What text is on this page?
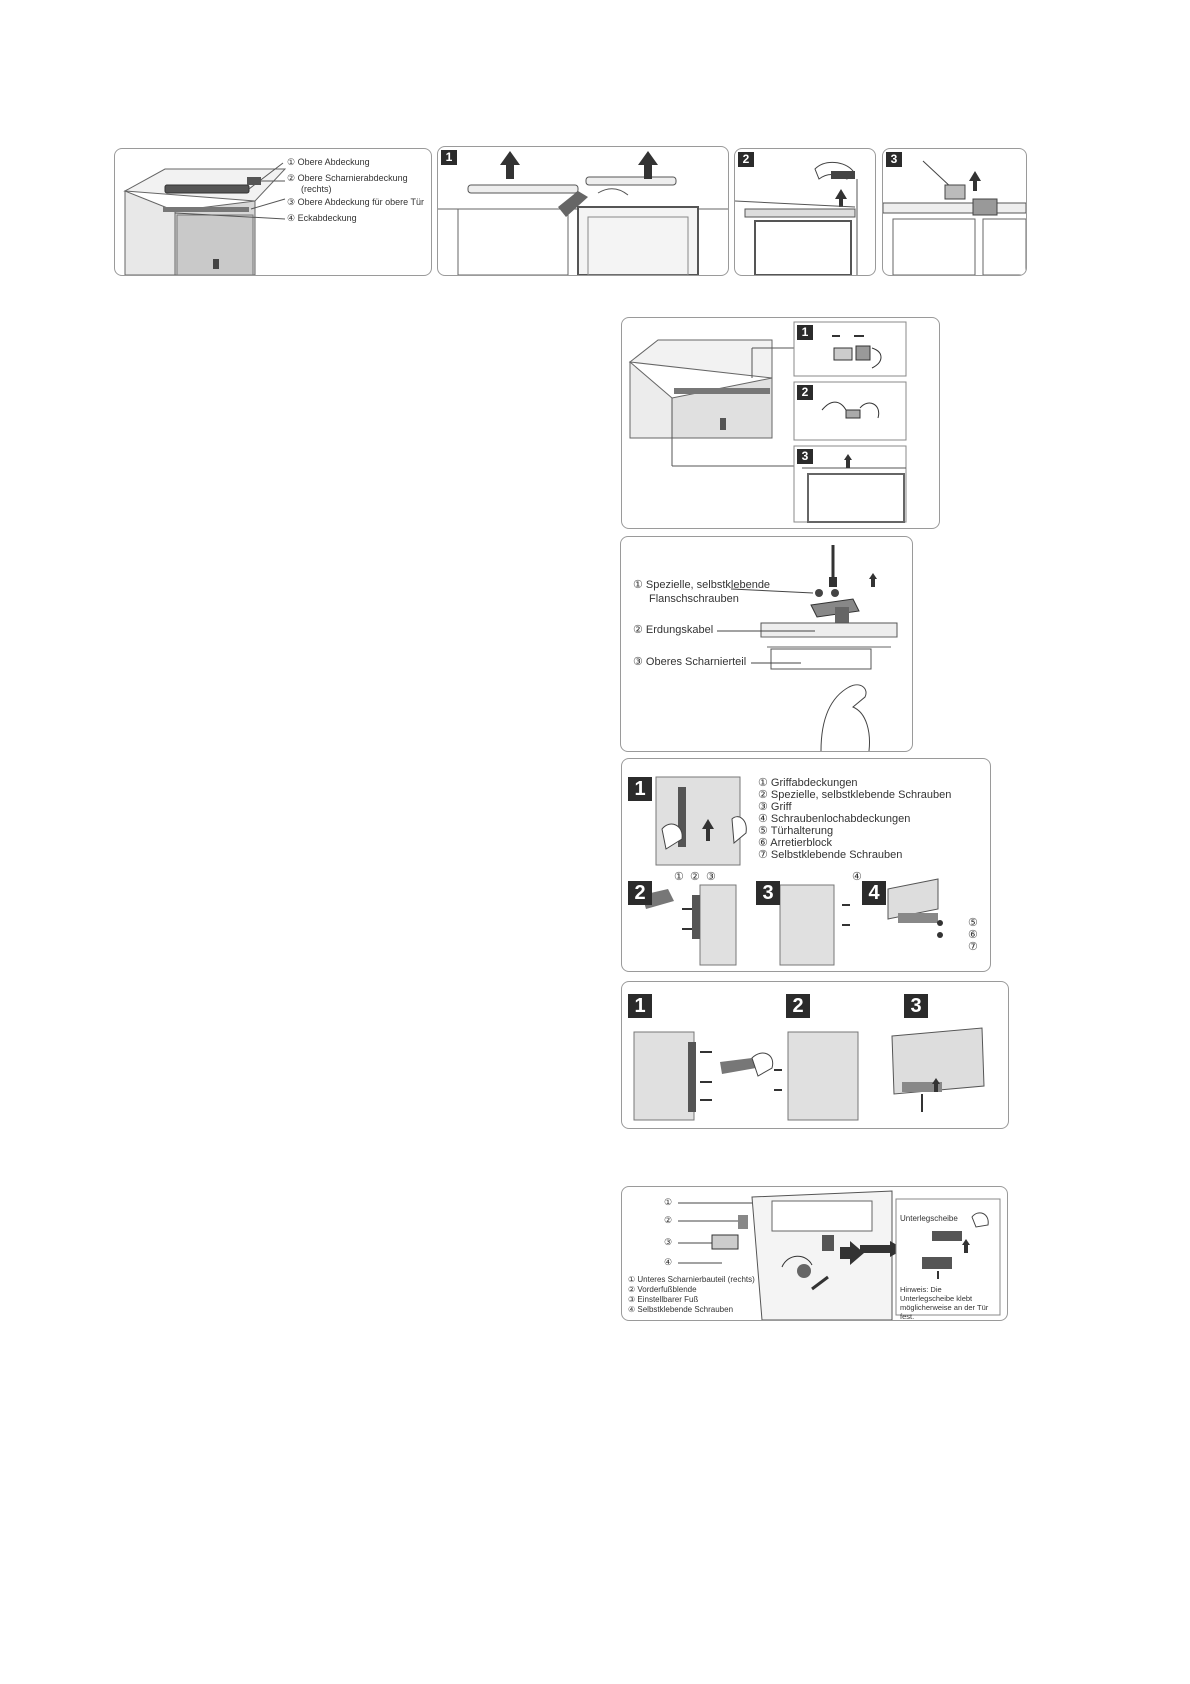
① Obere Abdeckung
② Obere Scharnierabdeckung
(rechts)
③ Obere Abdeckung für obere Tür
④ Eckabdeckung
1	2	3
1
2
3
① Spezielle, selbstklebende
Flanschschrauben
② Erdungskabel
③ Oberes Scharnierteil
1
2	3	4
① Griffabdeckungen
② Spezielle, selbstklebende Schrauben
③ Griff
④ Schraubenlochabdeckungen
⑤ Türhalterung
⑥ Arretierblock
⑦ Selbstklebende Schrauben
① ② ③	④
⑤
⑥
⑦
1	2	3
①
②
③
④
① Unteres Scharnierbauteil (rechts)
② Vorderfußblende
③ Einstellbarer Fuß
④ Selbstklebende Schrauben
Unterlegscheibe
Hinweis: Die Unterlegscheibe klebt möglicherweise an der Tür fest.
